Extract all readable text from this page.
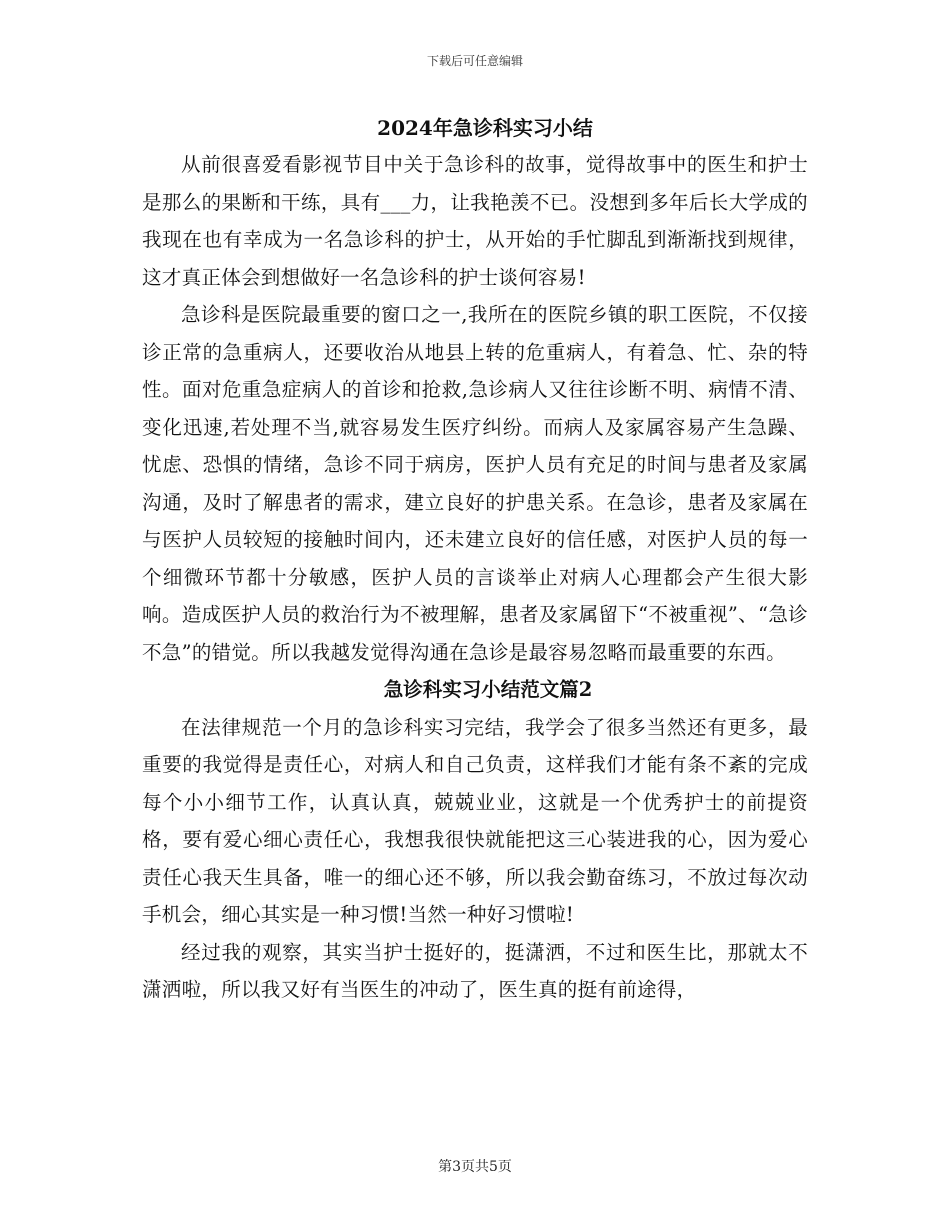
下载后可任意编辑
2024年急诊科实习小结

从前很喜爱看影视节目中关于急诊科的故事，觉得故事中的医生和护士是那么的果断和干练，具有___力，让我艳羡不已。没想到多年后长大学成的我现在也有幸成为一名急诊科的护士，从开始的手忙脚乱到渐渐找到规律，这才真正体会到想做好一名急诊科的护士谈何容易!

急诊科是医院最重要的窗口之一,我所在的医院乡镇的职工医院，不仅接诊正常的急重病人，还要收治从地县上转的危重病人，有着急、忙、杂的特性。面对危重急症病人的首诊和抢救,急诊病人又往往诊断不明、病情不清、变化迅速,若处理不当,就容易发生医疗纠纷。而病人及家属容易产生急躁、忧虑、恐惧的情绪，急诊不同于病房，医护人员有充足的时间与患者及家属沟通，及时了解患者的需求，建立良好的护患关系。在急诊，患者及家属在与医护人员较短的接触时间内，还未建立良好的信任感，对医护人员的每一个细微环节都十分敏感，医护人员的言谈举止对病人心理都会产生很大影响。造成医护人员的救治行为不被理解，患者及家属留下“不被重视”、“急诊不急”的错觉。所以我越发觉得沟通在急诊是最容易忽略而最重要的东西。

急诊科实习小结范文篇2

在法律规范一个月的急诊科实习完结，我学会了很多当然还有更多，最重要的我觉得是责任心，对病人和自己负责，这样我们才能有条不紊的完成每个小小细节工作，认真认真，兢兢业业，这就是一个优秀护士的前提资格，要有爱心细心责任心，我想我很快就能把这三心装进我的心，因为爱心责任心我天生具备，唯一的细心还不够，所以我会勤奋练习，不放过每次动手机会，细心其实是一种习惯!当然一种好习惯啦!

经过我的观察，其实当护士挺好的，挺潇洒，不过和医生比，那就太不潇洒啦，所以我又好有当医生的冲动了，医生真的挺有前途得，

第3页共5页
